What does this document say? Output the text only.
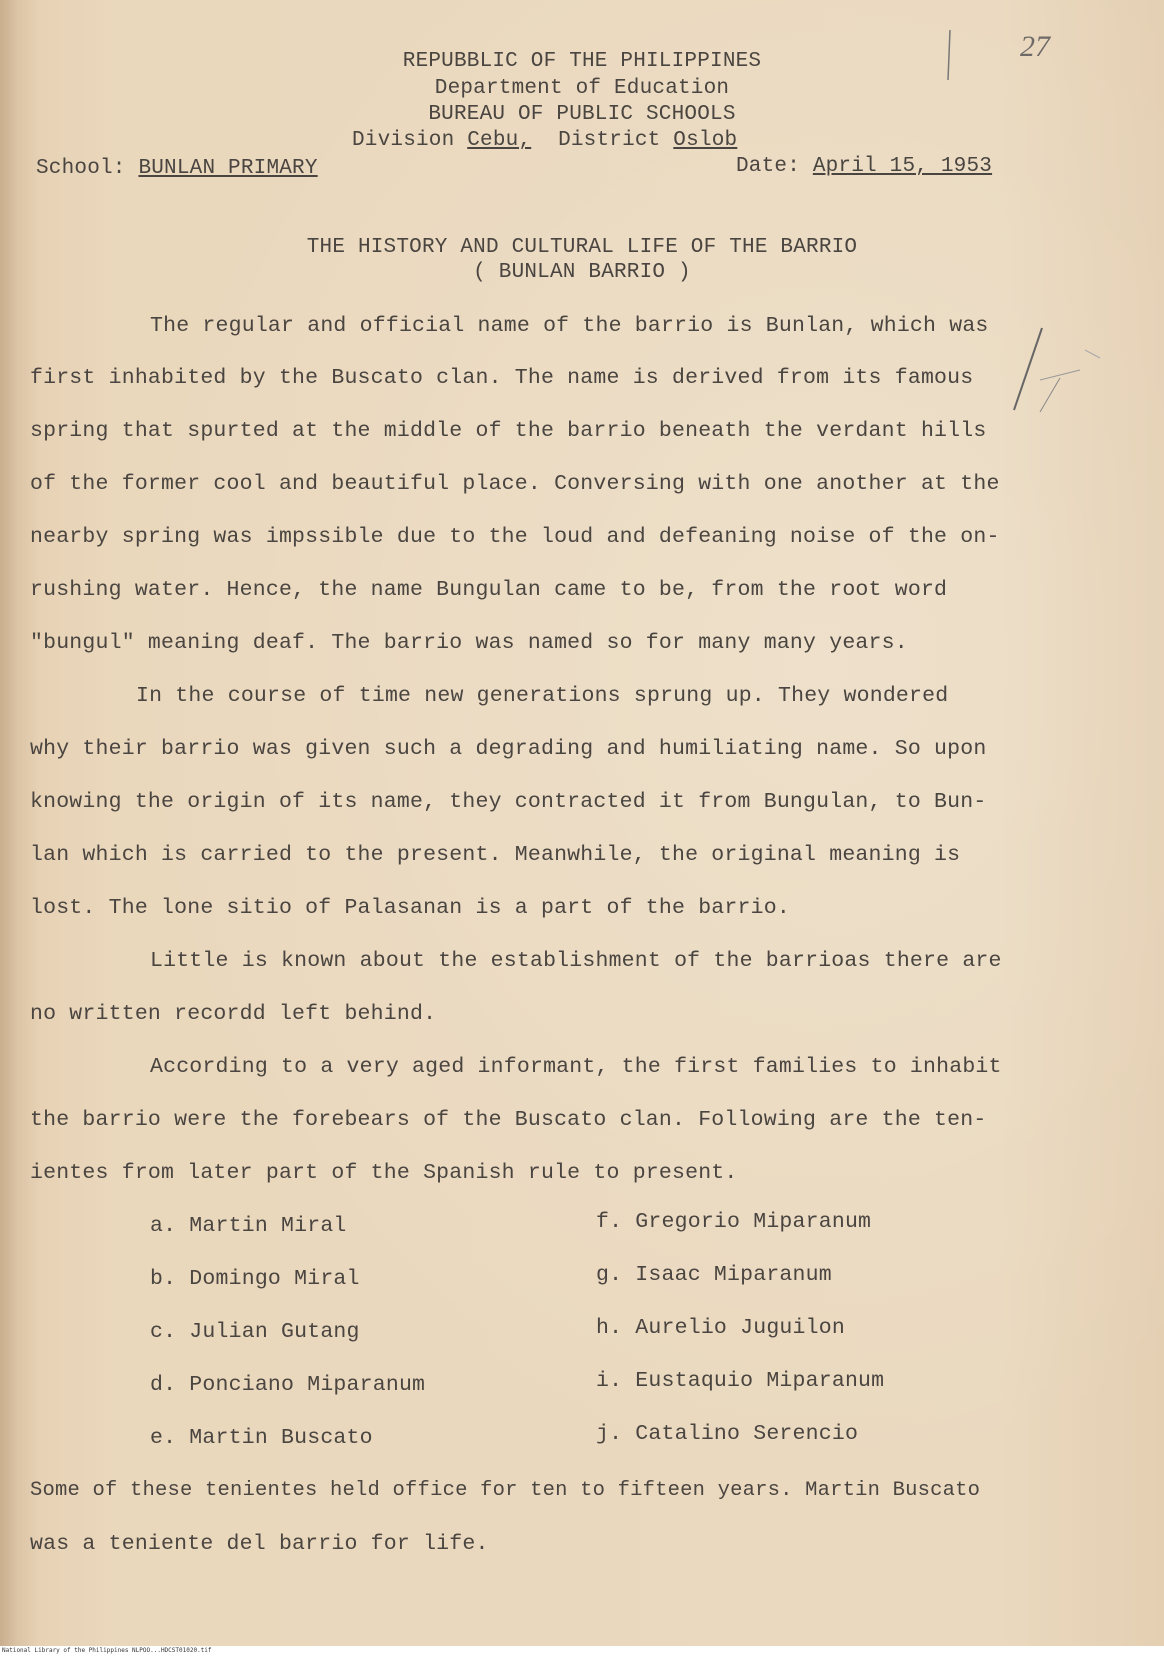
27
REPUBBLIC OF THE PHILIPPINES
Department of Education
BUREAU OF PUBLIC SCHOOLS
Division Cebu, District Oslob
School: BUNLAN PRIMARY	Date: April 15, 1953
THE HISTORY AND CULTURAL LIFE OF THE BARRIO
( BUNLAN BARRIO )
The regular and official name of the barrio is Bunlan, which was
first inhabited by the Buscato clan. The name is derived from its famous
spring that spurted at the middle of the barrio beneath the verdant hills
of the former cool and beautiful place. Conversing with one another at the
nearby spring was impssible due to the loud and defeaning noise of the on-
rushing water. Hence, the name Bungulan came to be, from the root word
"bungul" meaning deaf. The barrio was named so for many many years.
In the course of time new generations sprung up. They wondered
why their barrio was given such a degrading and humiliating name. So upon
knowing the origin of its name, they contracted it from Bungulan, to Bun-
lan which is carried to the present. Meanwhile, the original meaning is
lost. The lone sitio of Palasanan is a part of the barrio.
Little is known about the establishment of the barrioas there are
no written recordd left behind.
According to a very aged informant, the first families to inhabit
the barrio were the forebears of the Buscato clan. Following are the ten-
ientes from later part of the Spanish rule to present.
a. Martin Miral
b. Domingo Miral
c. Julian Gutang
d. Ponciano Miparanum
e. Martin Buscato
f. Gregorio Miparanum
g. Isaac Miparanum
h. Aurelio Juguilon
i. Eustaquio Miparanum
j. Catalino Serencio
Some of these tenientes held office for ten to fifteen years. Martin Buscato
was a teniente del barrio for life.
National Library of the Philippines NLPOO...HDCST01020.tif
